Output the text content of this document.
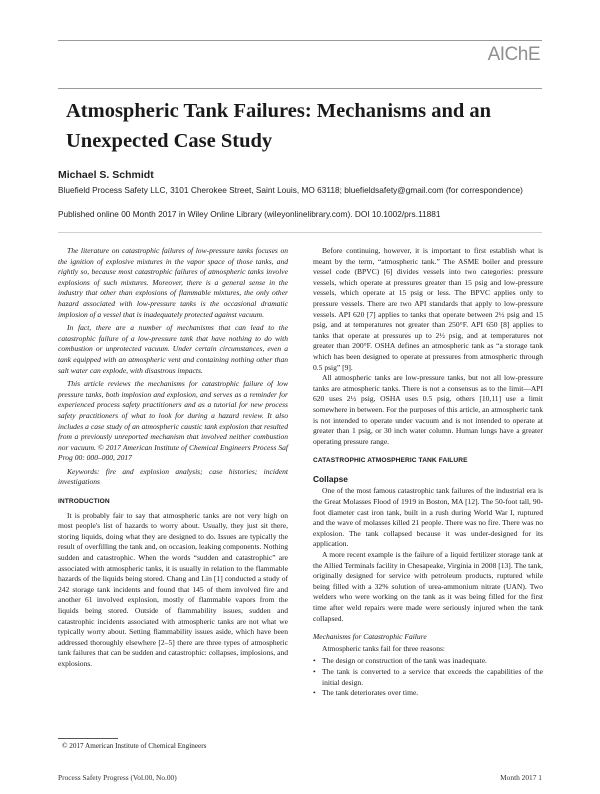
AIChE
Atmospheric Tank Failures: Mechanisms and an Unexpected Case Study
Michael S. Schmidt
Bluefield Process Safety LLC, 3101 Cherokee Street, Saint Louis, MO 63118; bluefieldsafety@gmail.com (for correspondence)
Published online 00 Month 2017 in Wiley Online Library (wileyonlinelibrary.com). DOI 10.1002/prs.11881

The literature on catastrophic failures of low-pressure tanks focuses on the ignition of explosive mixtures in the vapor space of those tanks, and rightly so, because most catastrophic failures of atmospheric tanks involve explosions of such mixtures. Moreover, there is a general sense in the industry that other than explosions of flammable mixtures, the only other hazard associated with low-pressure tanks is the occasional dramatic implosion of a vessel that is inadequately protected against vacuum.

In fact, there are a number of mechanisms that can lead to the catastrophic failure of a low-pressure tank that have nothing to do with combustion or unprotected vacuum. Under certain circumstances, even a tank equipped with an atmospheric vent and containing nothing other than salt water can explode, with disastrous impacts.

This article reviews the mechanisms for catastrophic failure of low pressure tanks, both implosion and explosion, and serves as a reminder for experienced process safety practitioners and as a tutorial for new process safety practitioners of what to look for during a hazard review. It also includes a case study of an atmospheric caustic tank explosion that resulted from a previously unreported mechanism that involved neither combustion nor vacuum. © 2017 American Institute of Chemical Engineers Process Saf Prog 00: 000–000, 2017

Keywords: fire and explosion analysis; case histories; incident investigations

INTRODUCTION

It is probably fair to say that atmospheric tanks are not very high on most people's list of hazards to worry about. Usually, they just sit there, storing liquids, doing what they are designed to do. Issues are typically the result of overfilling the tank and, on occasion, leaking components. Nothing sudden and catastrophic. When the words “sudden and catastrophic” are associated with atmospheric tanks, it is usually in relation to the flammable hazards of the liquids being stored. Chang and Lin [1] conducted a study of 242 storage tank incidents and found that 145 of them involved fire and another 61 involved explosion, mostly of flammable vapors from the liquids being stored. Outside of flammability issues, sudden and catastrophic incidents associated with atmospheric tanks are not what we typically worry about. Setting flammability issues aside, which have been addressed thoroughly elsewhere [2–5] there are three types of atmospheric tank failures that can be sudden and catastrophic: collapses, implosions, and explosions.

Before continuing, however, it is important to first establish what is meant by the term, “atmospheric tank.” The ASME boiler and pressure vessel code (BPVC) [6] divides vessels into two categories: pressure vessels, which operate at pressures greater than 15 psig and low-pressure vessels, which operate at 15 psig or less. The BPVC applies only to pressure vessels. There are two API standards that apply to low-pressure vessels. API 620 [7] applies to tanks that operate between 2½ psig and 15 psig, and at temperatures not greater than 250°F. API 650 [8] applies to tanks that operate at pressures up to 2½ psig, and at temperatures not greater than 200°F. OSHA defines an atmospheric tank as “a storage tank which has been designed to operate at pressures from atmospheric through 0.5 psig” [9].

All atmospheric tanks are low-pressure tanks, but not all low-pressure tanks are atmospheric tanks. There is not a consensus as to the limit—API 620 uses 2½ psig, OSHA uses 0.5 psig, others [10,11] use a limit somewhere in between. For the purposes of this article, an atmospheric tank is not intended to operate under vacuum and is not intended to operate at greater than 1 psig, or 30 inch water column. Human lungs have a greater operating pressure range.

CATASTROPHIC ATMOSPHERIC TANK FAILURE
Collapse

One of the most famous catastrophic tank failures of the industrial era is the Great Molasses Flood of 1919 in Boston, MA [12]. The 50-foot tall, 90-foot diameter cast iron tank, built in a rush during World War I, ruptured and the wave of molasses killed 21 people. There was no fire. There was no explosion. The tank collapsed because it was under-designed for its application.

A more recent example is the failure of a liquid fertilizer storage tank at the Allied Terminals facility in Chesapeake, Virginia in 2008 [13]. The tank, originally designed for service with petroleum products, ruptured while being filled with a 32% solution of urea-ammonium nitrate (UAN). Two welders who were working on the tank as it was being filled for the first time after weld repairs were made were seriously injured when the tank collapsed.

Mechanisms for Catastrophic Failure

Atmospheric tanks fail for three reasons:

• The design or construction of the tank was inadequate.
• The tank is converted to a service that exceeds the capabilities of the initial design.
• The tank deteriorates over time.
© 2017 American Institute of Chemical Engineers
Process Safety Progress (Vol.00, No.00)	Month 2017 1
